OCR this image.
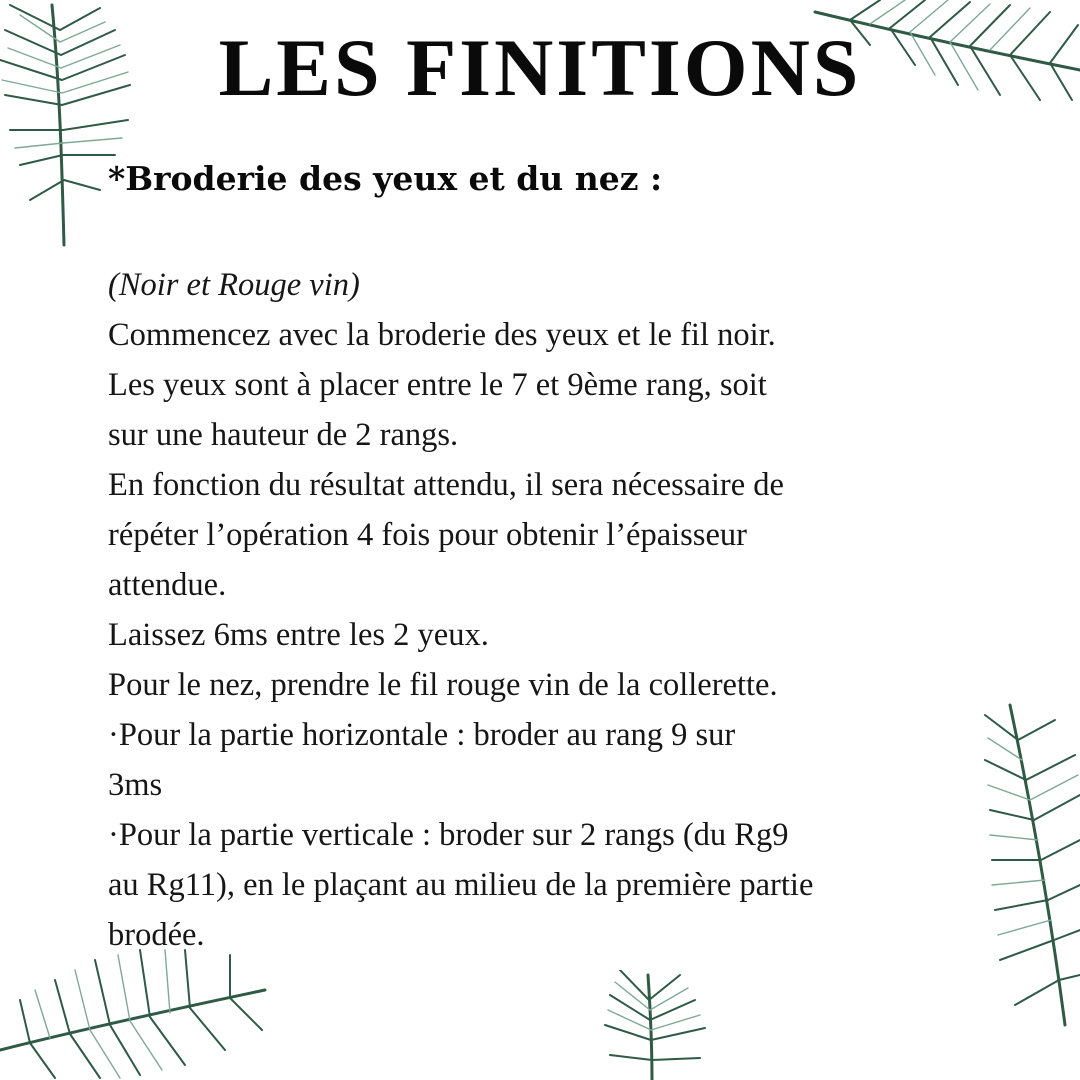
LES FINITIONS
*Broderie des yeux et du nez :
(Noir et Rouge vin)
Commencez avec la broderie des yeux et le fil noir.
Les yeux sont à placer entre le 7 et 9ème rang, soit
sur une hauteur de 2 rangs.
En fonction du résultat attendu, il sera nécessaire de
répéter l’opération 4 fois pour obtenir l’épaisseur
attendue.
Laissez 6ms entre les 2 yeux.
Pour le nez, prendre le fil rouge vin de la collerette.
·Pour la partie horizontale : broder au rang 9 sur
3ms
·Pour la partie verticale : broder sur 2 rangs (du Rg9
au Rg11), en le plaçant au milieu de la première partie
brodée.
